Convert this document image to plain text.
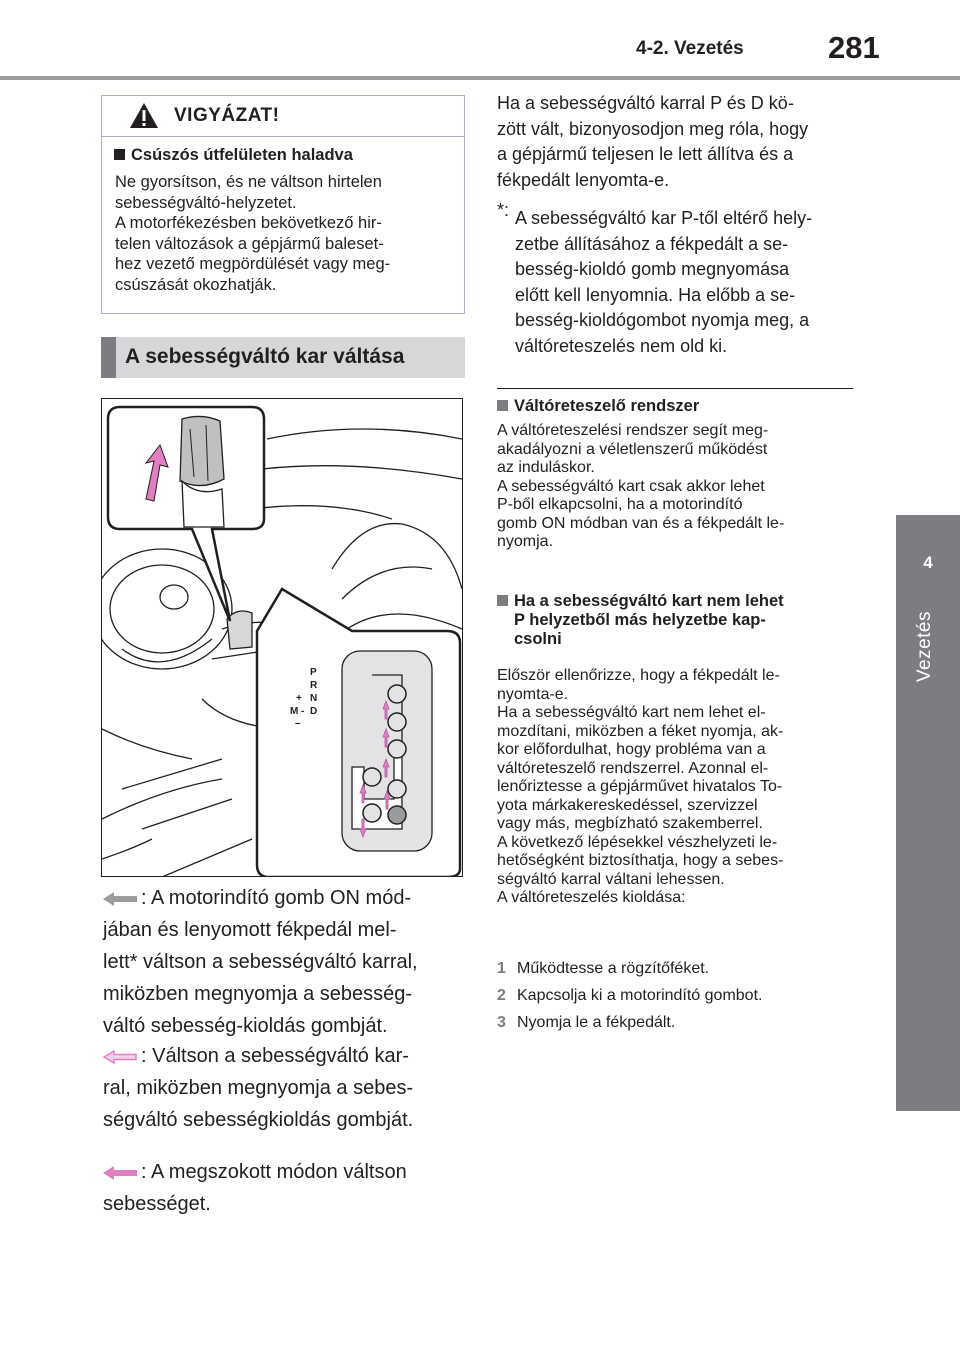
4-2. Vezetés	281
4
Vezetés
VIGYÁZAT!
Csúszós útfelületen haladva
Ne gyorsítson, és ne váltson hirtelen
sebességváltó-helyzetet.
A motorfékezésben bekövetkező hir-
telen változások a gépjármű baleset-
hez vezető megpördülését vagy meg-
csúszását okozhatják.
A sebességváltó kar váltása
P
R
N
D
+
M -
–
: A motorindító gomb ON mód-
jában és lenyomott fékpedál mel-
lett* váltson a sebességváltó karral,
miközben megnyomja a sebesség-
váltó sebesség-kioldás gombját.
: Váltson a sebességváltó kar-
ral, miközben megnyomja a sebes-
ségváltó sebességkioldás gombját.
: A megszokott módon váltson
sebességet.
Ha a sebességváltó karral P és D kö-
zött vált, bizonyosodjon meg róla, hogy
a gépjármű teljesen le lett állítva és a
fékpedált lenyomta-e.
*: A sebességváltó kar P-től eltérő hely-
zetbe állításához a fékpedált a se-
besség-kioldó gomb megnyomása
előtt kell lenyomnia. Ha előbb a se-
besség-kioldógombot nyomja meg, a
váltóreteszelés nem old ki.
Váltóreteszelő rendszer
A váltóreteszelési rendszer segít meg-
akadályozni a véletlenszerű működést
az induláskor.
A sebességváltó kart csak akkor lehet
P-ből elkapcsolni, ha a motorindító
gomb ON módban van és a fékpedált le-
nyomja.
Ha a sebességváltó kart nem lehet
P helyzetből más helyzetbe kap-
csolni
Először ellenőrizze, hogy a fékpedált le-
nyomta-e.
Ha a sebességváltó kart nem lehet el-
mozdítani, miközben a féket nyomja, ak-
kor előfordulhat, hogy probléma van a
váltóreteszelő rendszerrel. Azonnal el-
lenőriztesse a gépjárművet hivatalos To-
yota márkakereskedéssel, szervizzel
vagy más, megbízható szakemberrel.
A következő lépésekkel vészhelyzeti le-
hetőségként biztosíthatja, hogy a sebes-
ségváltó karral váltani lehessen.
A váltóreteszelés kioldása:
1 Működtesse a rögzítőféket.
2 Kapcsolja ki a motorindító gombot.
3 Nyomja le a fékpedált.
